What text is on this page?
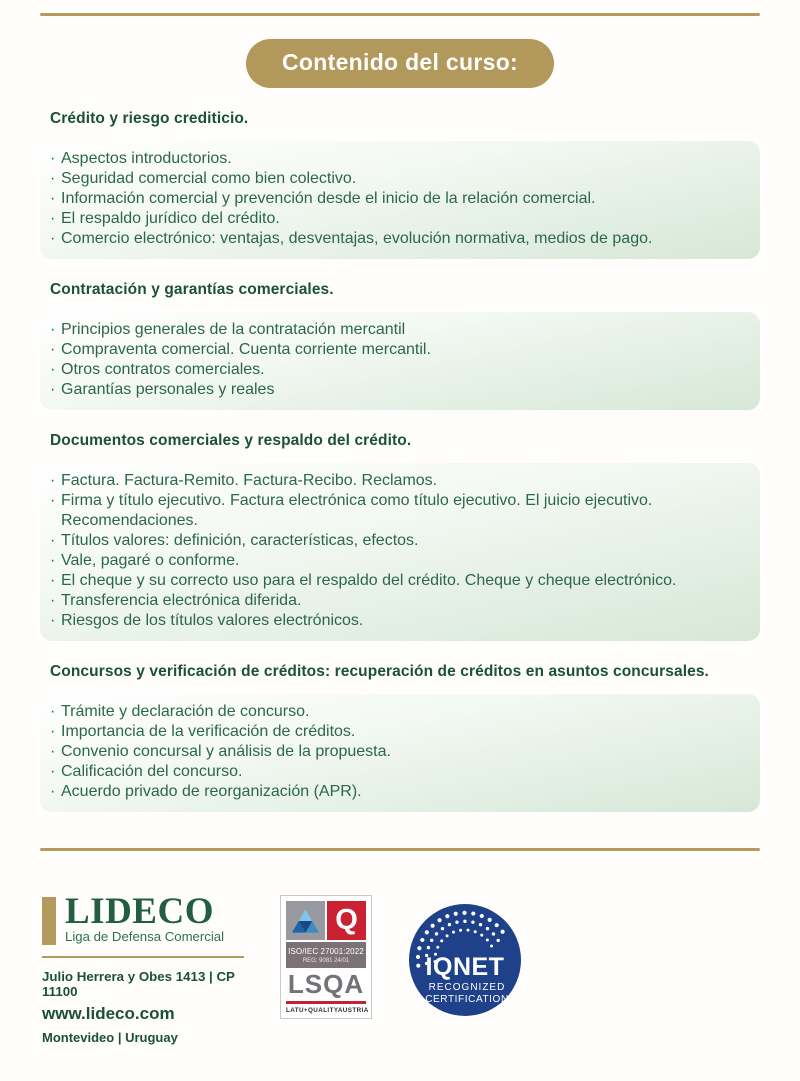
Contenido del curso:
Crédito y riesgo crediticio.
· Aspectos introductorios.
· Seguridad comercial como bien colectivo.
· Información comercial y prevención desde el inicio de la relación comercial.
· El respaldo jurídico del crédito.
· Comercio electrónico: ventajas, desventajas, evolución normativa, medios de pago.
Contratación y garantías comerciales.
· Principios generales de la contratación mercantil
· Compraventa comercial. Cuenta corriente mercantil.
· Otros contratos comerciales.
· Garantías personales y reales
Documentos comerciales y respaldo del crédito.
· Factura. Factura-Remito. Factura-Recibo. Reclamos.
· Firma y título ejecutivo. Factura electrónica como título ejecutivo. El juicio ejecutivo. Recomendaciones.
· Títulos valores: definición, características, efectos.
· Vale, pagaré o conforme.
· El cheque y su correcto uso para el respaldo del crédito. Cheque y cheque electrónico.
· Transferencia electrónica diferida.
· Riesgos de los títulos valores electrónicos.
Concursos y verificación de créditos: recuperación de créditos en asuntos concursales.
· Trámite y declaración de concurso.
· Importancia de la verificación de créditos.
· Convenio concursal y análisis de la propuesta.
· Calificación del concurso.
· Acuerdo privado de reorganización (APR).
LIDECO
Liga de Defensa Comercial
Julio Herrera y Obes 1413 | CP 11100
www.lideco.com
Montevideo | Uruguay
Q
ISO/IEC 27001:2022
REG: 9081 24/01
LSQA
LATU+QUALITYAUSTRIA
IQNET
RECOGNIZED
CERTIFICATION
